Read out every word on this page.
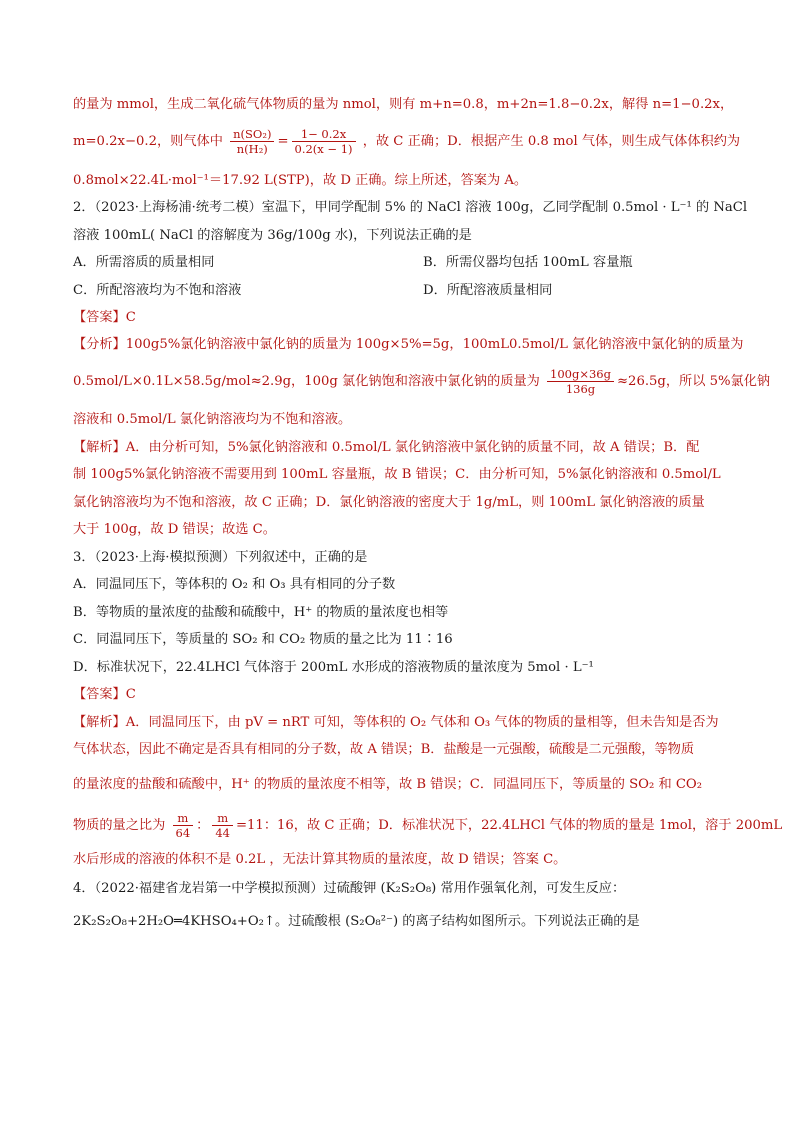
的量为 mmol，生成二氧化硫气体物质的量为 nmol，则有 m+n=0.8，m+2n=1.8−0.2x，解得 n=1−0.2x，
m=0.2x−0.2，则气体中 $\frac{\text{n(SO₂)}}{\text{n(H₂)}} = \frac{1- 0.2x}{0.2(x - 1)}$ ，故 C 正确；D．根据产生 0.8 mol 气体，则生成气体体积约为
0.8mol×22.4L·mol⁻¹＝17.92 L(STP)，故 D 正确。综上所述，答案为 A。
2．（2023·上海杨浦·统考二模）室温下，甲同学配制 5% 的 NaCl 溶液 100g，乙同学配制 0.5mol · L⁻¹ 的 NaCl
溶液 100mL( NaCl 的溶解度为 36g/100g 水)，下列说法正确的是
A．所需溶质的质量相同	B．所需仪器均包括 100mL 容量瓶
C．所配溶液均为不饱和溶液	D．所配溶液质量相同
【答案】C
【分析】100g5%氯化钠溶液中氯化钠的质量为 100g×5%=5g，100mL0.5mol/L 氯化钠溶液中氯化钠的质量为
0.5mol/L×0.1L×58.5g/mol≈2.9g，100g 氯化钠饱和溶液中氯化钠的质量为 $\frac{100g\times 36g}{136g} \approx 26.5g$，所以 5%氯化钠
溶液和 0.5mol/L 氯化钠溶液均为不饱和溶液。
【解析】A．由分析可知，5%氯化钠溶液和 0.5mol/L 氯化钠溶液中氯化钠的质量不同，故 A 错误；B．配
制 100g5%氯化钠溶液不需要用到 100mL 容量瓶，故 B 错误；C．由分析可知，5%氯化钠溶液和 0.5mol/L
氯化钠溶液均为不饱和溶液，故 C 正确；D．氯化钠溶液的密度大于 1g/mL，则 100mL 氯化钠溶液的质量
大于 100g，故 D 错误；故选 C。
3．（2023·上海·模拟预测）下列叙述中，正确的是
A．同温同压下，等体积的 O₂ 和 O₃ 具有相同的分子数
B．等物质的量浓度的盐酸和硫酸中，H⁺ 的物质的量浓度也相等
C．同温同压下，等质量的 SO₂ 和 CO₂ 物质的量之比为 11∶16
D．标准状况下，22.4LHCl 气体溶于 200mL 水形成的溶液物质的量浓度为 5mol · L⁻¹
【答案】C
【解析】A．同温同压下，由 pV = nRT 可知，等体积的 O₂ 气体和 O₃ 气体的物质的量相等，但未告知是否为
气体状态，因此不确定是否具有相同的分子数，故 A 错误；B．盐酸是一元强酸，硫酸是二元强酸，等物质
的量浓度的盐酸和硫酸中，H⁺ 的物质的量浓度不相等，故 B 错误；C．同温同压下，等质量的 SO₂ 和 CO₂
物质的量之比为 $\frac{m}{64}$ ： $\frac{m}{44} =11$：16，故 C 正确；D．标准状况下，22.4LHCl 气体的物质的量是 1mol，溶于 200mL
水后形成的溶液的体积不是 0.2L ，无法计算其物质的量浓度，故 D 错误；答案 C。
4．（2022·福建省龙岩第一中学模拟预测）过硫酸钾 (K₂S₂O₈) 常用作强氧化剂，可发生反应：
2K₂S₂O₈+2H₂O═4KHSO₄+O₂↑。过硫酸根 (S₂O₈²⁻) 的离子结构如图所示。下列说法正确的是
